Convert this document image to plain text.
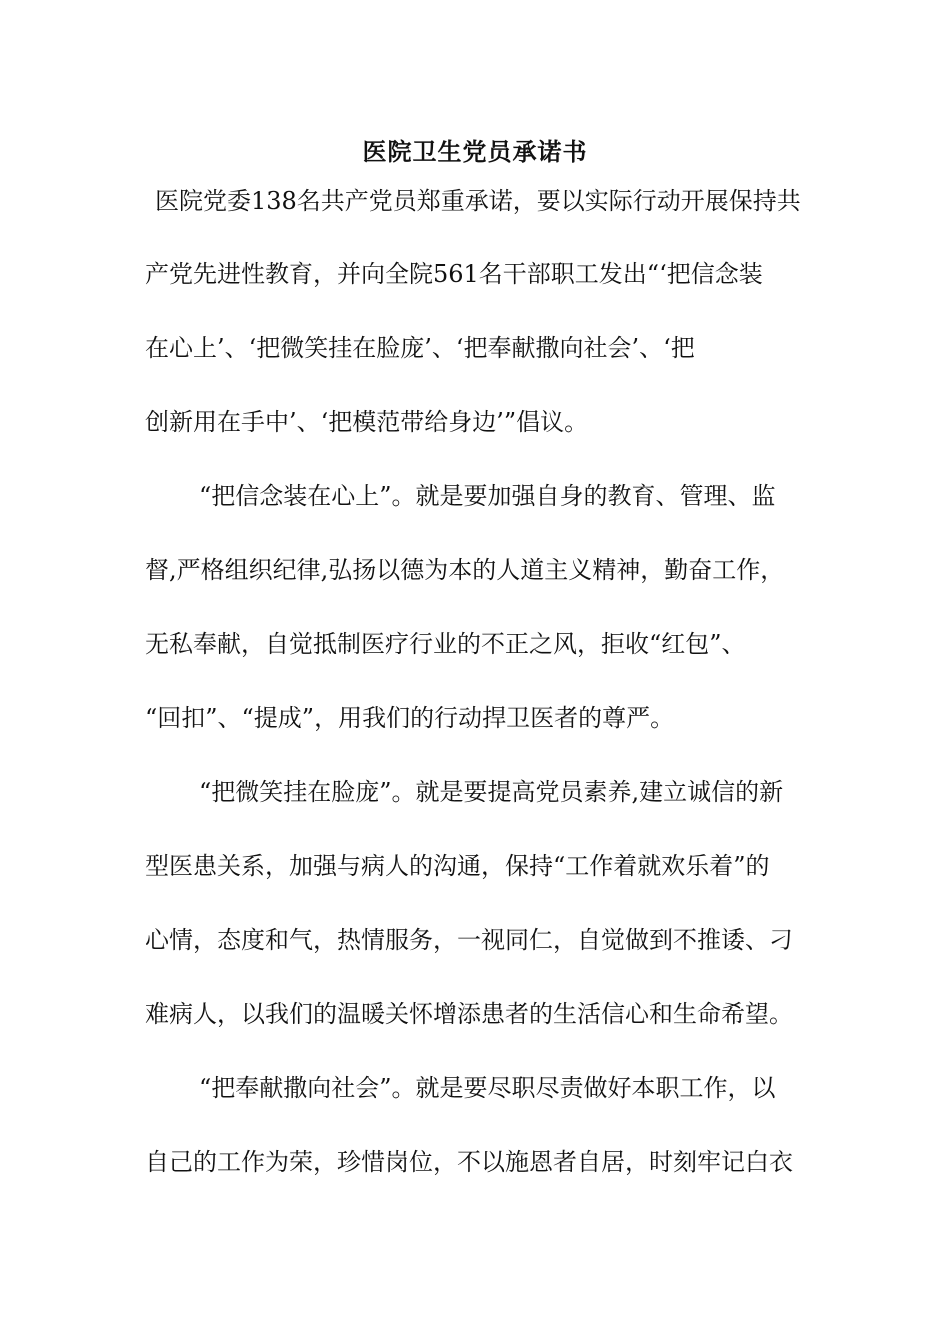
医院卫生党员承诺书
医院党委138名共产党员郑重承诺，要以实际行动开展保持共
产党先进性教育，并向全院561名干部职工发出“‘把信念装
在心上’、‘把微笑挂在脸庞’、‘把奉献撒向社会’、‘把
创新用在手中’、‘把模范带给身边’”倡议。
“把信念装在心上”。就是要加强自身的教育、管理、监
督,严格组织纪律,弘扬以德为本的人道主义精神，勤奋工作，
无私奉献，自觉抵制医疗行业的不正之风，拒收“红包”、
“回扣”、“提成”，用我们的行动捍卫医者的尊严。
“把微笑挂在脸庞”。就是要提高党员素养,建立诚信的新
型医患关系，加强与病人的沟通，保持“工作着就欢乐着”的
心情，态度和气，热情服务，一视同仁，自觉做到不推诿、刁
难病人，以我们的温暖关怀增添患者的生活信心和生命希望。
“把奉献撒向社会”。就是要尽职尽责做好本职工作，以
自己的工作为荣，珍惜岗位，不以施恩者自居，时刻牢记白衣
